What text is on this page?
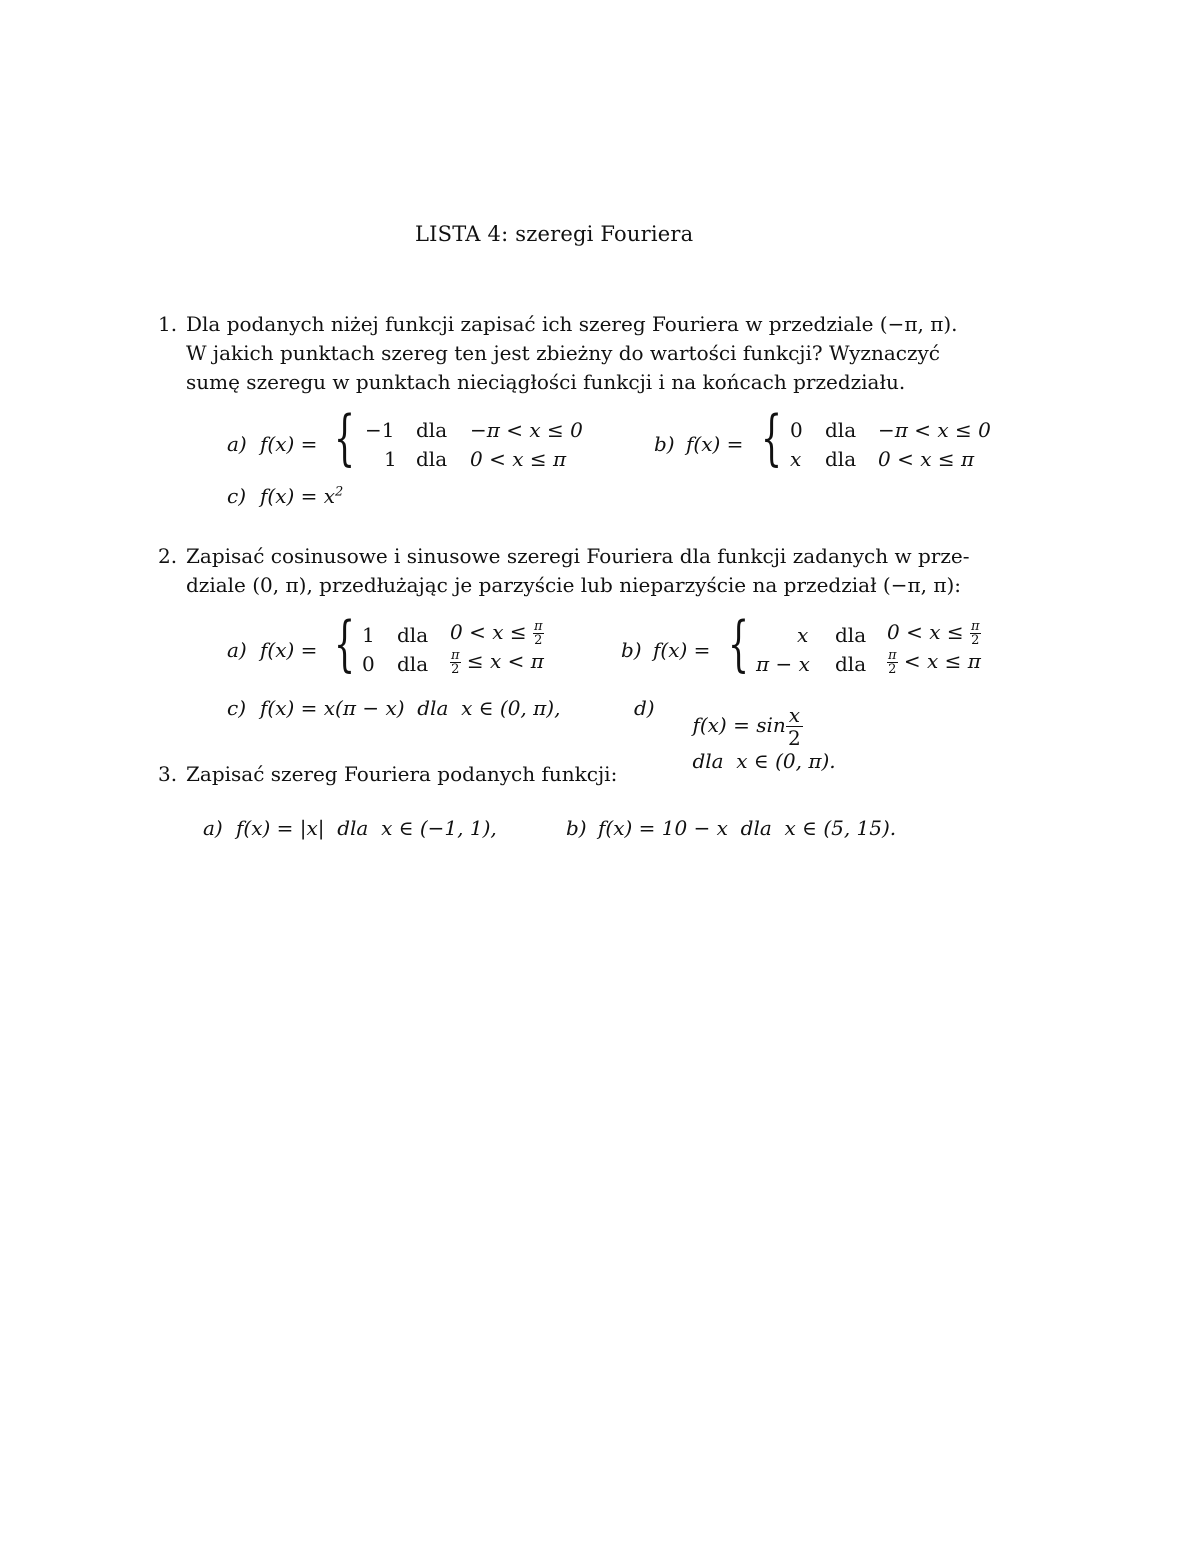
LISTA 4: szeregi Fouriera
1. Dla podanych niżej funkcji zapisać ich szereg Fouriera w przedziale (−π, π).
W jakich punktach szereg ten jest zbieżny do wartości funkcji? Wyznaczyć
sumę szeregu w punktach nieciągłości funkcji i na końcach przedziału.
a) f(x) = { −1 dla −π < x ≤ 0
1 dla 0 < x ≤ π
b) f(x) = { 0 dla −π < x ≤ 0
x dla 0 < x ≤ π
c) $f(x) = x^2$
2. Zapisać cosinusowe i sinusowe szeregi Fouriera dla funkcji zadanych w prze-
dziale (0, π), przedłużając je parzyście lub nieparzyście na przedział (−π, π):
a) f(x) = { 1 dla $0 < x \le \frac{\pi}{2}$
0 dla $\frac{\pi}{2} \le x < \pi$	b) f(x) = { x dla $0 < x \le \frac{\pi}{2}$
π − x dla $\frac{\pi}{2} < x \le \pi$
c) f(x) = x(π − x)  dla  x ∈ (0, π),	d)

$f(x) = \sin \frac{x}{2}$

dla  x ∈ (0, π).

3. Zapisać szereg Fouriera podanych funkcji:
a) f(x) = |x|  dla  x ∈ (−1, 1),	b) f(x) = 10 − x  dla  x ∈ (5, 15).
